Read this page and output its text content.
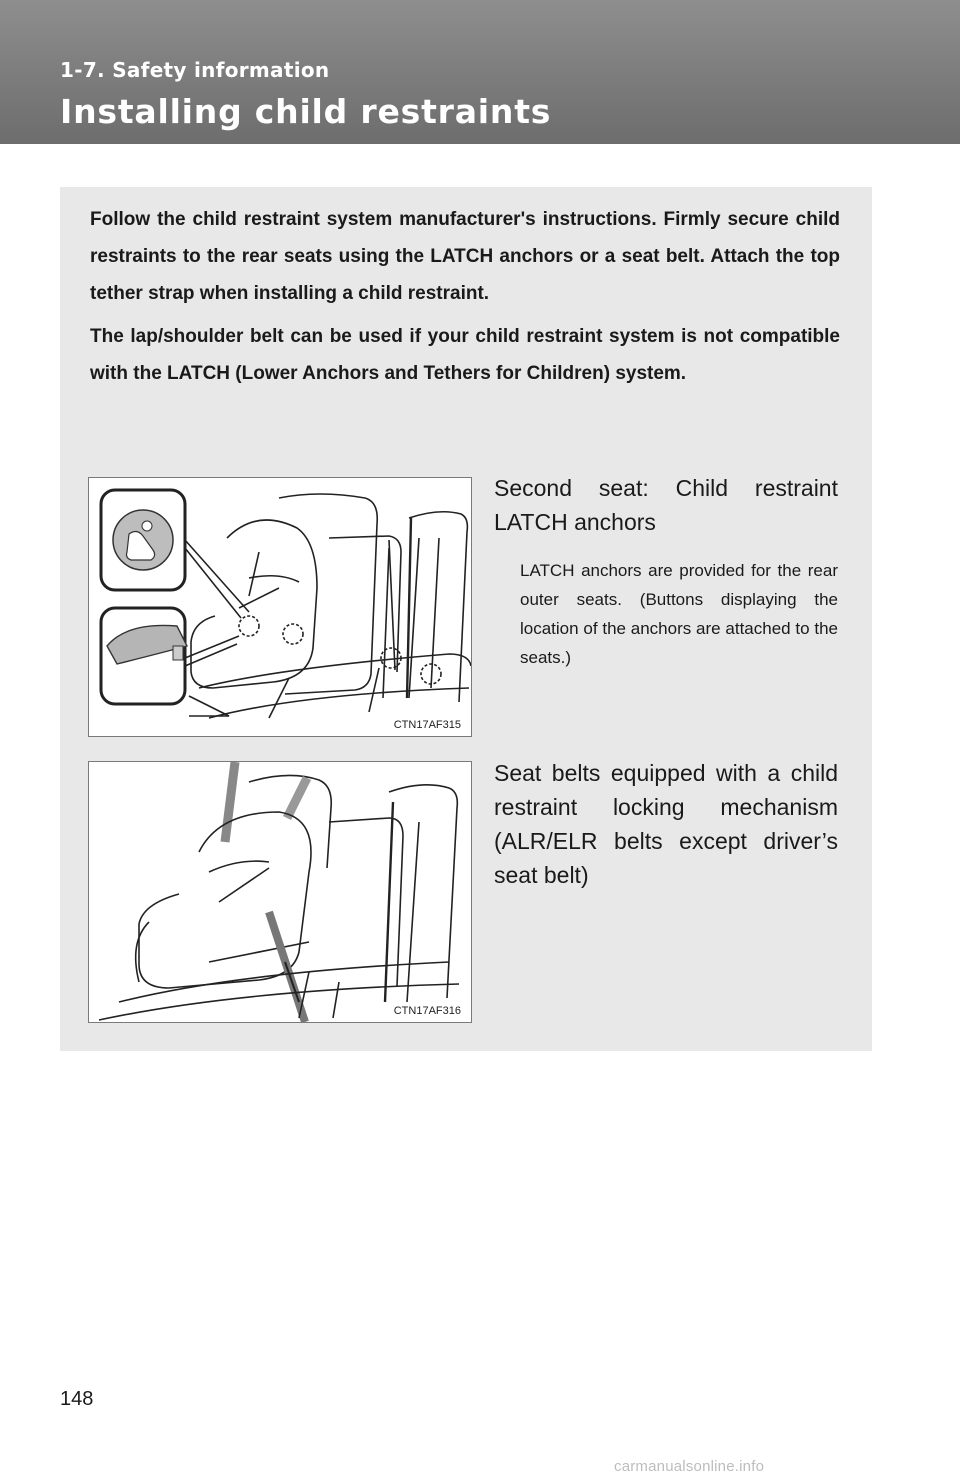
1-7. Safety information
Installing child restraints

Follow the child restraint system manufacturer's instructions. Firmly secure child restraints to the rear seats using the LATCH anchors or a seat belt. Attach the top tether strap when installing a child restraint.

The lap/shoulder belt can be used if your child restraint system is not compatible with the LATCH (Lower Anchors and Tethers for Children) system.

CTN17AF315
Second seat: Child restraint LATCH anchors
LATCH anchors are provided for the rear outer seats. (Buttons displaying the location of the anchors are attached to the seats.)
CTN17AF316
Seat belts equipped with a child restraint locking mechanism (ALR/ELR belts except driver’s seat belt)
148
carmanualsonline.info
